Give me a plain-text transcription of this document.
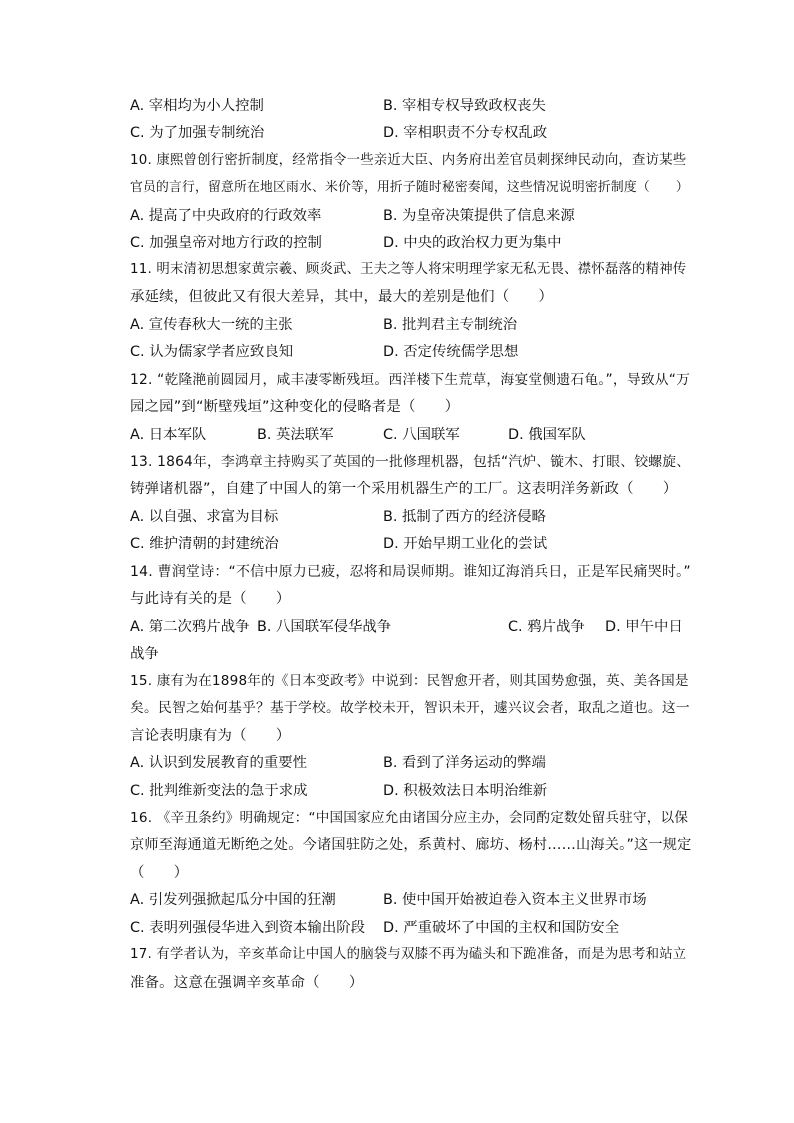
A. 宰相均为小人控制	B. 宰相专权导致政权丧失
C. 为了加强专制统治	D. 宰相职责不分专权乱政
10. 康熙曾创行密折制度，经常指令一些亲近大臣、内务府出差官员刺探绅民动向，查访某些
官员的言行，留意所在地区雨水、米价等，用折子随时秘密奏闻，这些情况说明密折制度（　　）
A. 提高了中央政府的行政效率	B. 为皇帝决策提供了信息来源
C. 加强皇帝对地方行政的控制	D. 中央的政治权力更为集中
11. 明末清初思想家黄宗羲、顾炎武、王夫之等人将宋明理学家无私无畏、襟怀磊落的精神传
承延续，但彼此又有很大差异，其中，最大的差别是他们（　　）
A. 宣传春秋大一统的主张	B. 批判君主专制统治
C. 认为儒家学者应致良知	D. 否定传统儒学思想
12. “乾隆滟前圆园月，咸丰凄零断残垣。西洋楼下生荒草，海宴堂侧遗石龟。”，导致从“万
园之园”到“断壁残垣”这种变化的侵略者是（　　）
A. 日本军队	B. 英法联军	C. 八国联军	D. 俄国军队
13. 1864年，李鸿章主持购买了英国的一批修理机器，包括“汽炉、镟木、打眼、铰螺旋、
铸弹诸机器”，自建了中国人的第一个采用机器生产的工厂。这表明洋务新政（　　）
A. 以自强、求富为目标	B. 抵制了西方的经济侵略
C. 维护清朝的封建统治	D. 开始早期工业化的尝试
14. 曹润堂诗：“不信中原力已疲，忍将和局误师期。谁知辽海消兵日，正是军民痛哭时。”
与此诗有关的是（　　）
A. 第二次鸦片战争 B. 八国联军侵华战争	C. 鸦片战争 D. 甲午中日
战争
15. 康有为在1898年的《日本变政考》中说到：民智愈开者，则其国势愈强，英、美各国是
矣。民智之始何基乎？基于学校。故学校未开，智识未开，遽兴议会者，取乱之道也。这一
言论表明康有为（　　）
A. 认识到发展教育的重要性	B. 看到了洋务运动的弊端
C. 批判维新变法的急于求成	D. 积极效法日本明治维新
16. 《辛丑条约》明确规定：“中国国家应允由诸国分应主办，会同酌定数处留兵驻守，以保
京师至海通道无断绝之处。今诸国驻防之处，系黄村、廊坊、杨村……山海关。”这一规定
（　　）
A. 引发列强掀起瓜分中国的狂潮	B. 使中国开始被迫卷入资本主义世界市场
C. 表明列强侵华进入到资本输出阶段 D. 严重破坏了中国的主权和国防安全
17. 有学者认为，辛亥革命让中国人的脑袋与双膝不再为磕头和下跪准备，而是为思考和站立
准备。这意在强调辛亥革命（　　）
